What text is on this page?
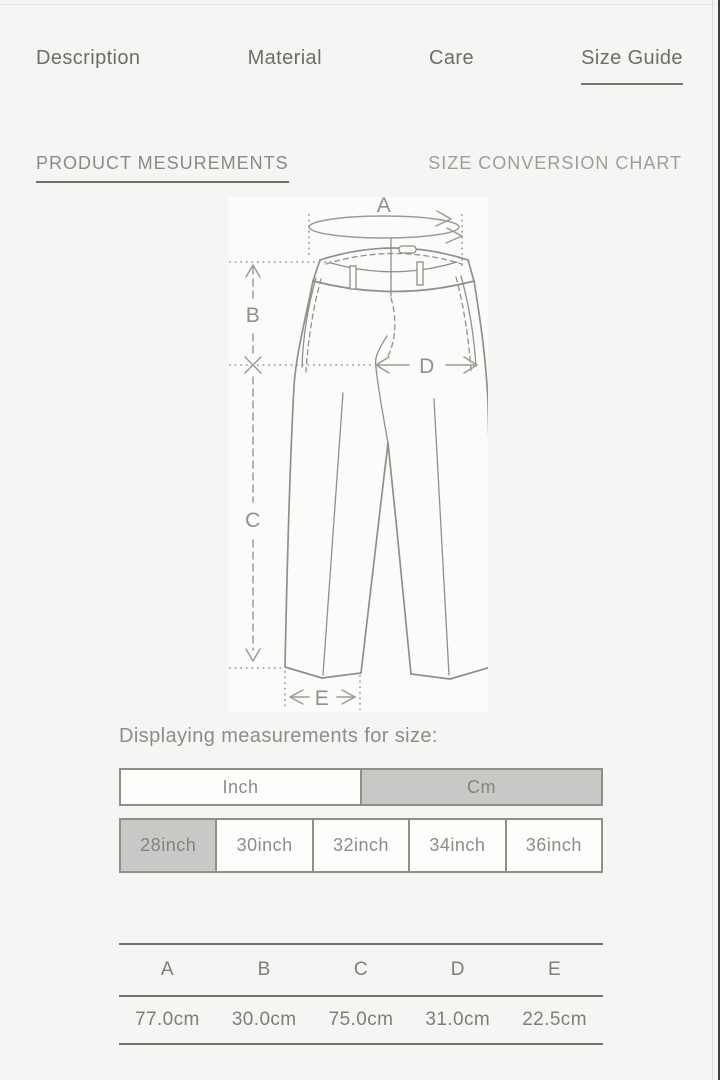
Description	Material	Care	Size Guide
PRODUCT MESUREMENTS	SIZE CONVERSION CHART
A
B
C
D
E
Displaying measurements for size:
Inch	Cm
28inch	30inch	32inch	34inch	36inch
A	B	C	D	E
77.0cm	30.0cm	75.0cm	31.0cm	22.5cm
